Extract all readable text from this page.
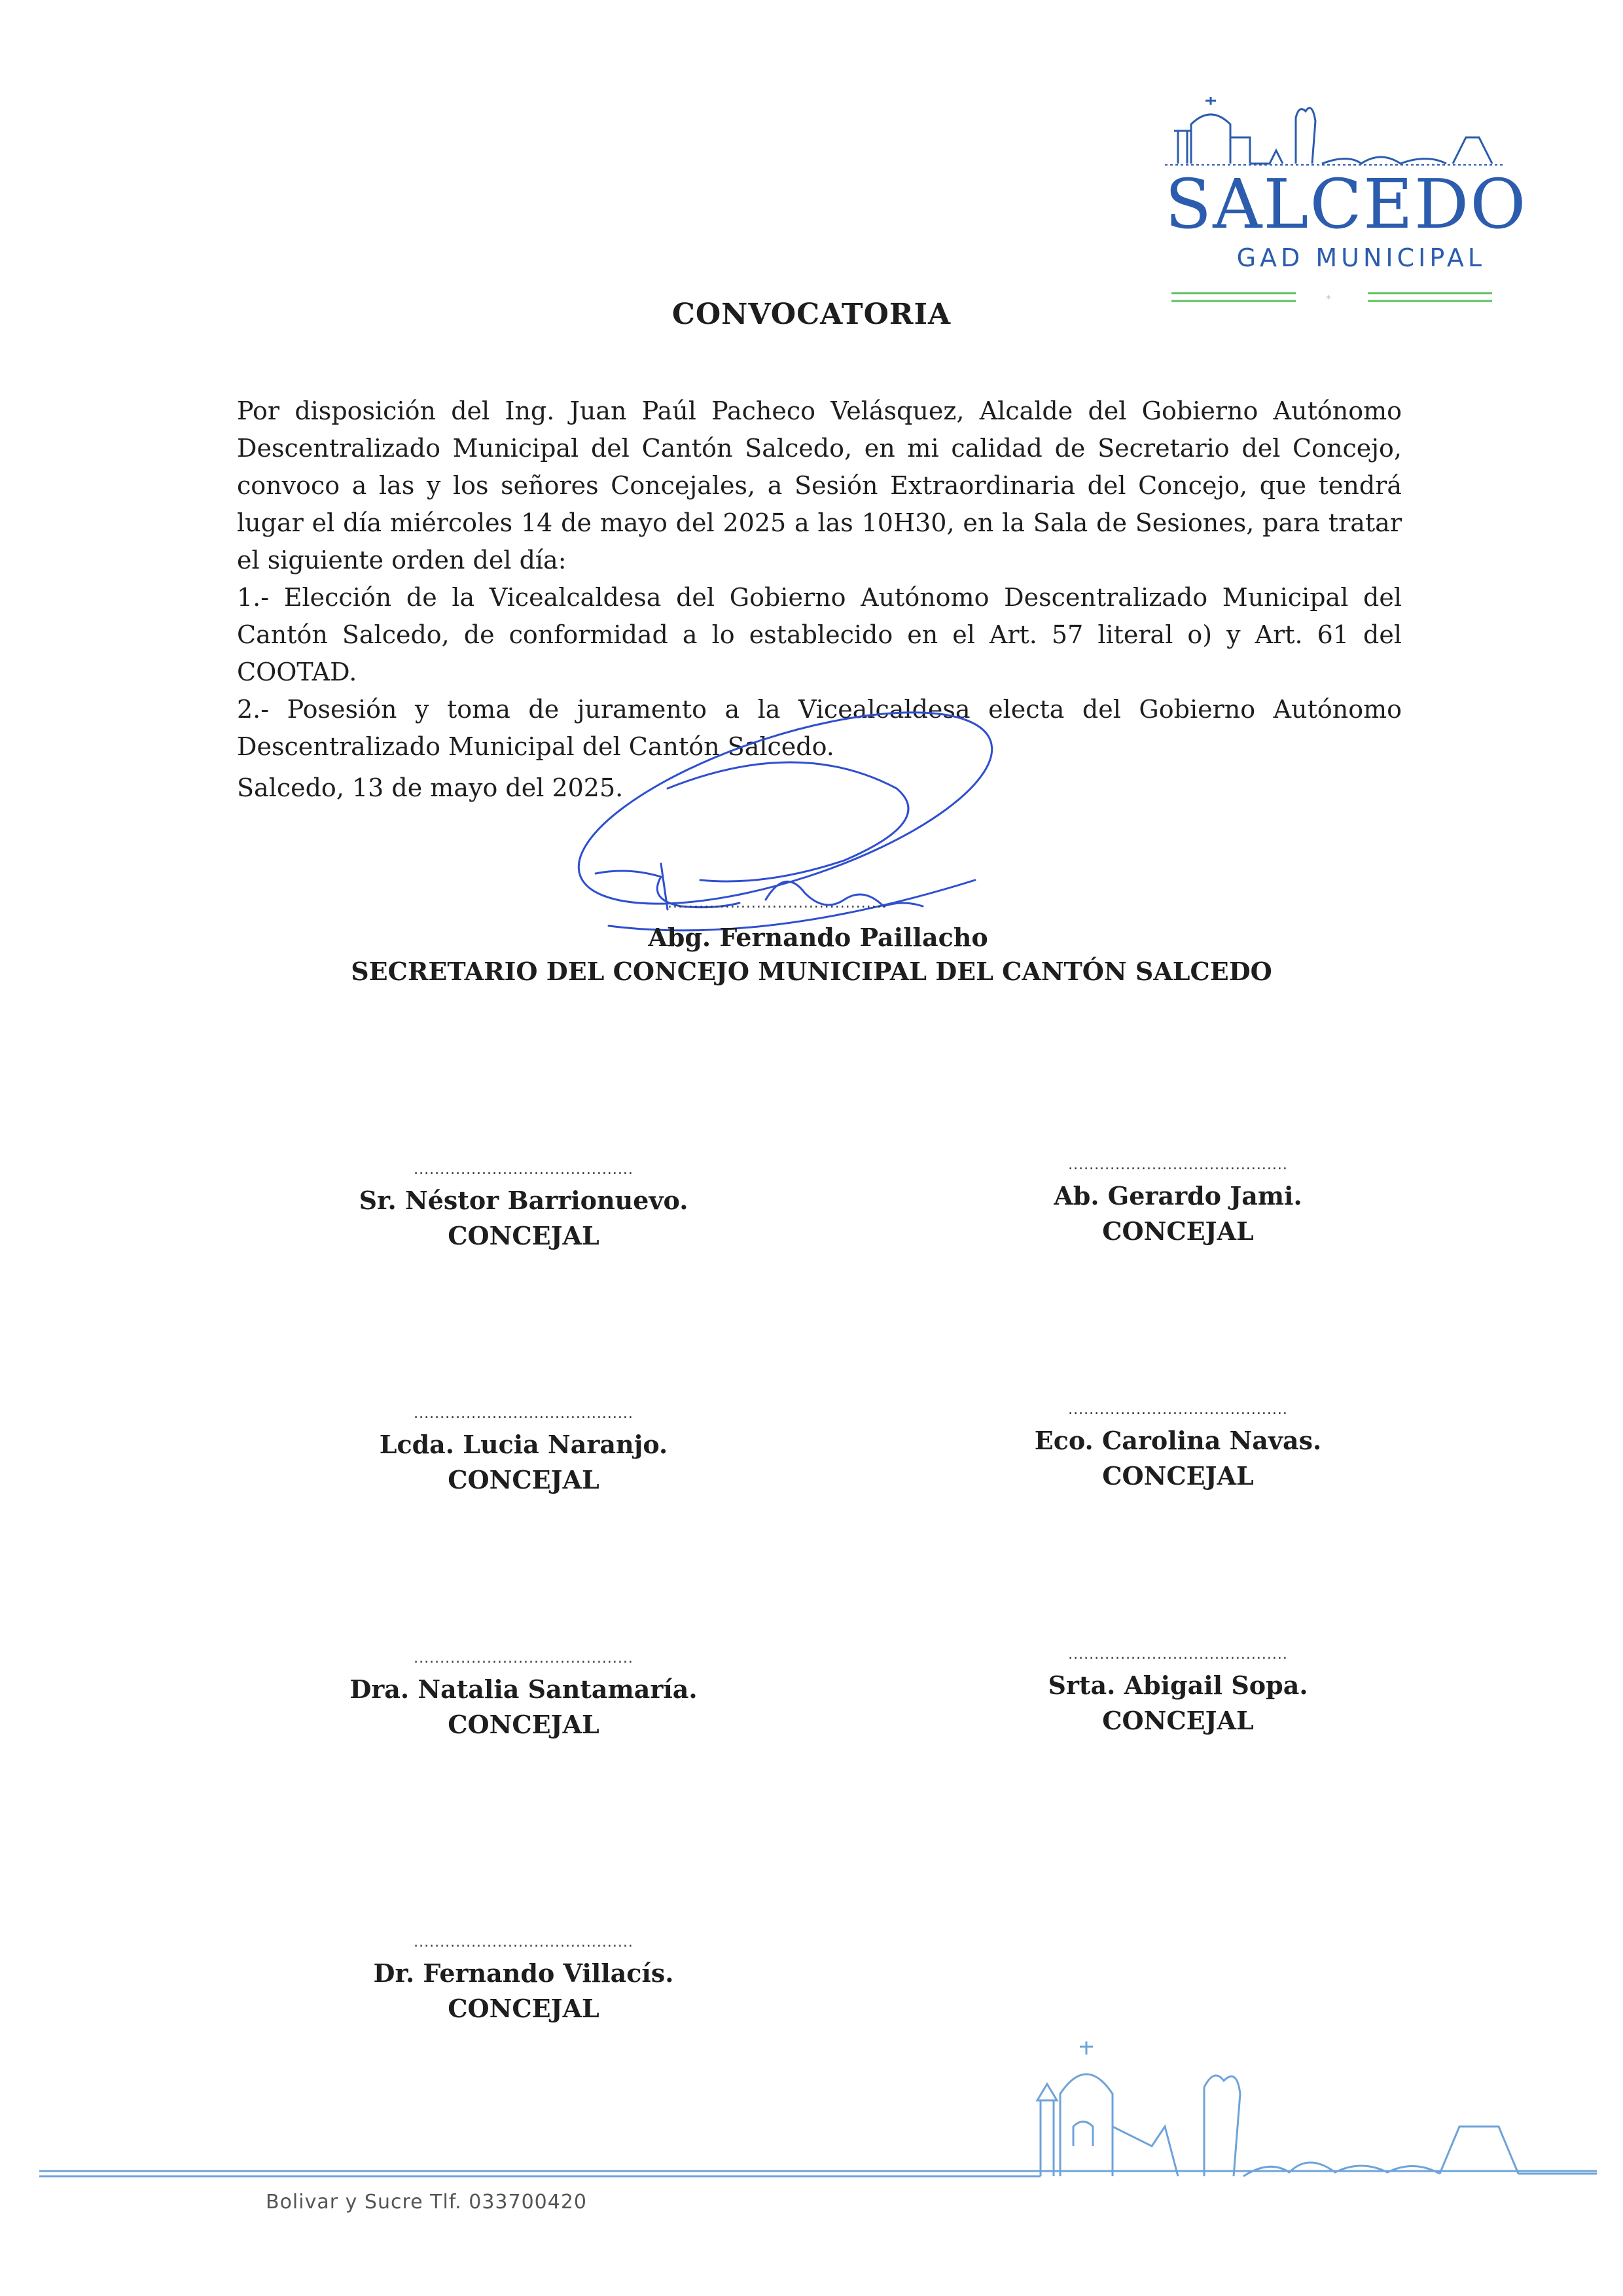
SALCEDO
GAD MUNICIPAL
*
CONVOCATORIA

Por disposición del Ing. Juan Paúl Pacheco Velásquez, Alcalde del Gobierno Autónomo Descentralizado Municipal del Cantón Salcedo, en mi calidad de Secretario del Concejo, convoco a las y los señores Concejales, a Sesión Extraordinaria del Concejo, que tendrá lugar el día miércoles 14 de mayo del 2025 a las 10H30, en la Sala de Sesiones, para tratar el siguiente orden del día:

1.- Elección de la Vicealcaldesa del Gobierno Autónomo Descentralizado Municipal del Cantón Salcedo, de conformidad a lo establecido en el Art. 57 literal o) y Art. 61 del COOTAD.

2.- Posesión y toma de juramento a la Vicealcaldesa electa del Gobierno Autónomo Descentralizado Municipal del Cantón Salcedo.

Salcedo, 13 de mayo del 2025.
..........................................
Abg. Fernando Paillacho
SECRETARIO DEL CONCEJO MUNICIPAL DEL CANTÓN SALCEDO
..........................................
Sr. Néstor Barrionuevo.
CONCEJAL
..........................................
Ab. Gerardo Jami.
CONCEJAL
..........................................
Lcda. Lucia Naranjo.
CONCEJAL
..........................................
Eco. Carolina Navas.
CONCEJAL
..........................................
Dra. Natalia Santamaría.
CONCEJAL
..........................................
Srta. Abigail Sopa.
CONCEJAL
..........................................
Dr. Fernando Villacís.
CONCEJAL
Bolivar y Sucre Tlf. 033700420
